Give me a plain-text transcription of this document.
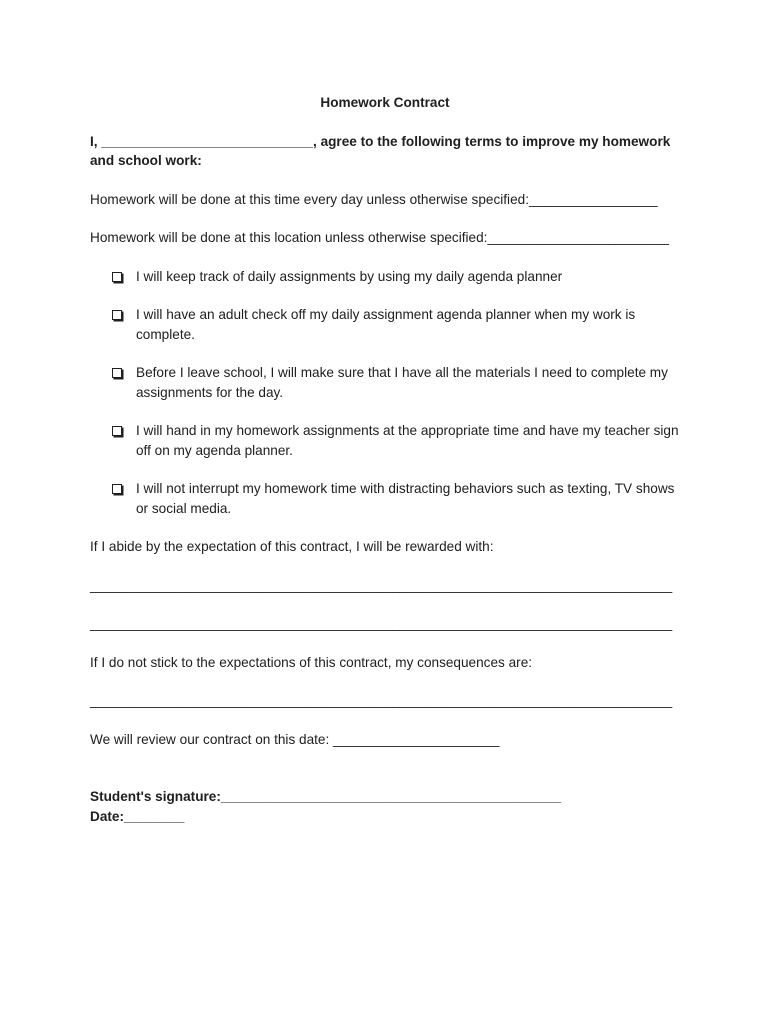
Homework Contract
I, ____________________________, agree to the following terms to improve my homework and school work:
Homework will be done at this time every day unless otherwise specified:_________________
Homework will be done at this location unless otherwise specified:________________________
I will keep track of daily assignments by using my daily agenda planner
I will have an adult check off my daily assignment agenda planner when my work is complete.
Before I leave school, I will make sure that I have all the materials I need to complete my assignments for the day.
I will hand in my homework assignments at the appropriate time and have my teacher sign off on my agenda planner.
I will not interrupt my homework time with distracting behaviors such as texting, TV shows or social media.
If I abide by the expectation of this contract, I will be rewarded with:
_____________________________________________________________________________
_____________________________________________________________________________
If I do not stick to the expectations of this contract, my consequences are:
_____________________________________________________________________________
We will review our contract on this date: ______________________
Student's signature:_____________________________________________
Date:________
